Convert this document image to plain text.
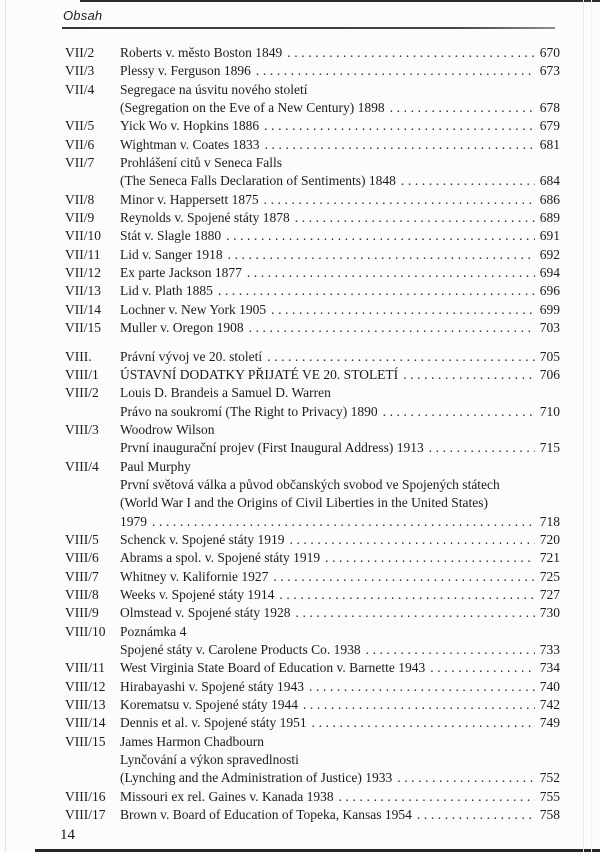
Obsah
VII/2	Roberts v. město Boston 1849 .....	670
VII/3	Plessy v. Ferguson 1896 .....	673
VII/4	Segregace na úsvitu nového století
(Segregation on the Eve of a New Century) 1898 .....	678
VII/5	Yick Wo v. Hopkins 1886 .....	679
VII/6	Wightman v. Coates 1833 .....	681
VII/7	Prohlášení citů v Seneca Falls
(The Seneca Falls Declaration of Sentiments) 1848 .....	684
VII/8	Minor v. Happersett 1875 .....	686
VII/9	Reynolds v. Spojené státy 1878 .....	689
VII/10	Stát v. Slagle 1880 .....	691
VII/11	Lid v. Sanger 1918 .....	692
VII/12	Ex parte Jackson 1877 .....	694
VII/13	Lid v. Plath 1885 .....	696
VII/14	Lochner v. New York 1905 .....	699
VII/15	Muller v. Oregon 1908 .....	703
VIII.	Právní vývoj ve 20. století .....	705
VIII/1	ÚSTAVNÍ DODATKY PŘIJATÉ VE 20. STOLETÍ .....	706
VIII/2	Louis D. Brandeis a Samuel D. Warren
Právo na soukromí (The Right to Privacy) 1890 .....	710
VIII/3	Woodrow Wilson
První inaugurační projev (First Inaugural Address) 1913 .....	715
VIII/4	Paul Murphy
První světová válka a původ občanských svobod ve Spojených státech
(World War I and the Origins of Civil Liberties in the United States)
1979 .....	718
VIII/5	Schenck v. Spojené státy 1919 .....	720
VIII/6	Abrams a spol. v. Spojené státy 1919 .....	721
VIII/7	Whitney v. Kalifornie 1927 .....	725
VIII/8	Weeks v. Spojené státy 1914 .....	727
VIII/9	Olmstead v. Spojené státy 1928 .....	730
VIII/10	Poznámka 4
Spojené státy v. Carolene Products Co. 1938 .....	733
VIII/11	West Virginia State Board of Education v. Barnette 1943 .....	734
VIII/12	Hirabayashi v. Spojené státy 1943 .....	740
VIII/13	Korematsu v. Spojené státy 1944 .....	742
VIII/14	Dennis et al. v. Spojené státy 1951 .....	749
VIII/15	James Harmon Chadbourn
Lynčování a výkon spravedlnosti
(Lynching and the Administration of Justice) 1933 .....	752
VIII/16	Missouri ex rel. Gaines v. Kanada 1938 .....	755
VIII/17	Brown v. Board of Education of Topeka, Kansas 1954 .....	758
14
